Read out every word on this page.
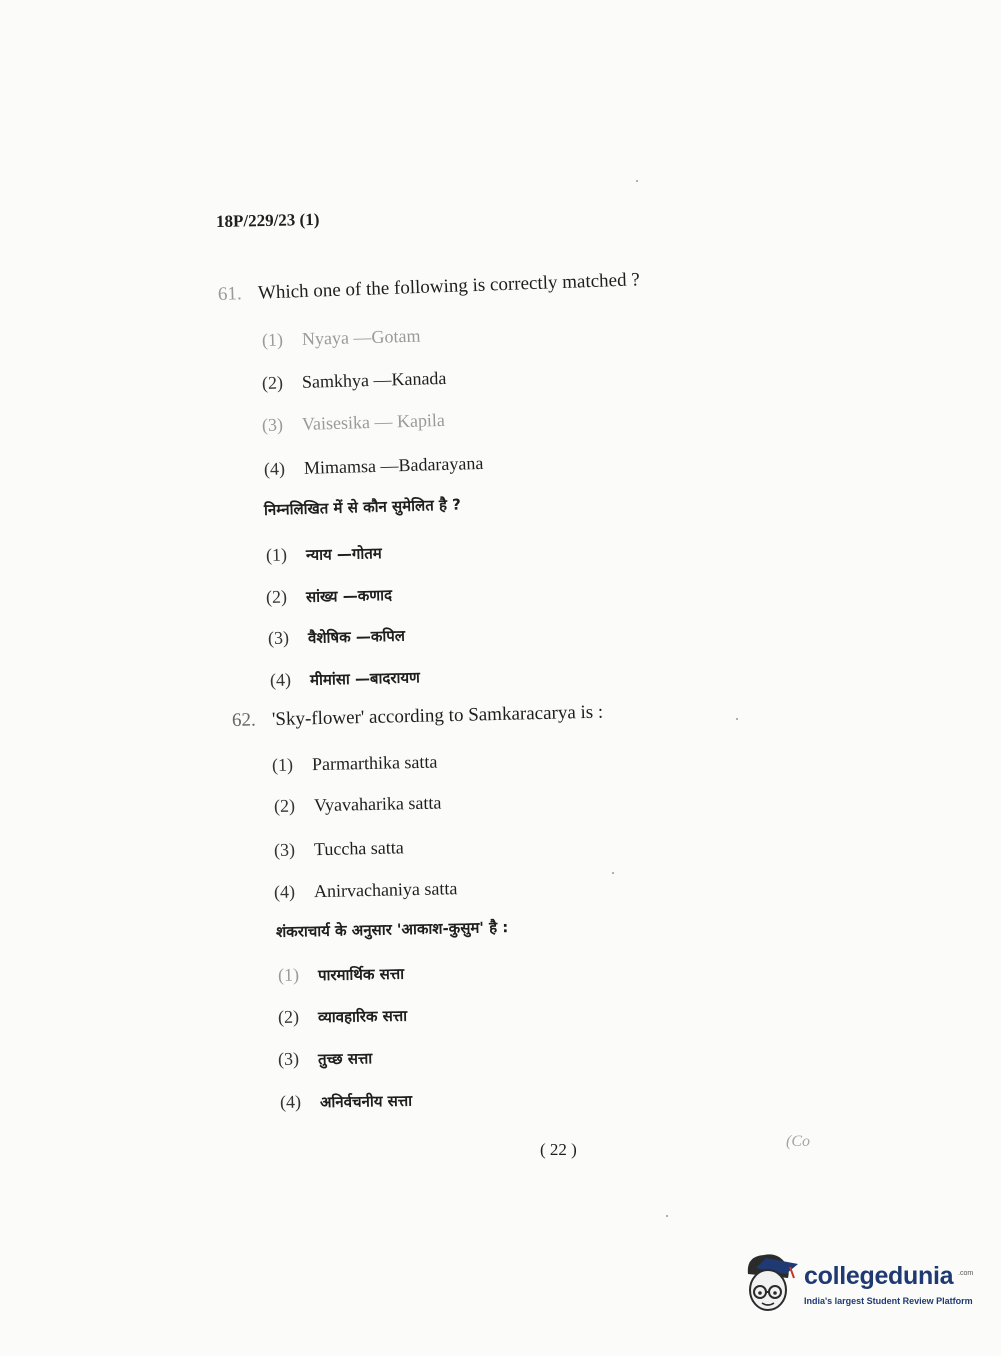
18P/229/23 (1)
61. Which one of the following is correctly matched ?
(1) Nyaya —Gotam
(2) Samkhya —Kanada
(3) Vaisesika — Kapila
(4) Mimamsa —Badarayana
निम्नलिखित में से कौन सुमेलित है ?
(1) न्याय —गोतम
(2) सांख्य —कणाद
(3) वैशेषिक —कपिल
(4) मीमांसा —बादरायण
62. 'Sky-flower' according to Samkaracarya is :
(1) Parmarthika satta
(2) Vyavaharika satta
(3) Tuccha satta
(4) Anirvachaniya satta
शंकराचार्य के अनुसार 'आकाश-कुसुम' है :
(1) पारमार्थिक सत्ता
(2) व्यावहारिक सत्ता
(3) तुच्छ सत्ता
(4) अनिर्वचनीय सत्ता
( 22 )	(Co
collegedunia .com
India's largest Student Review Platform
